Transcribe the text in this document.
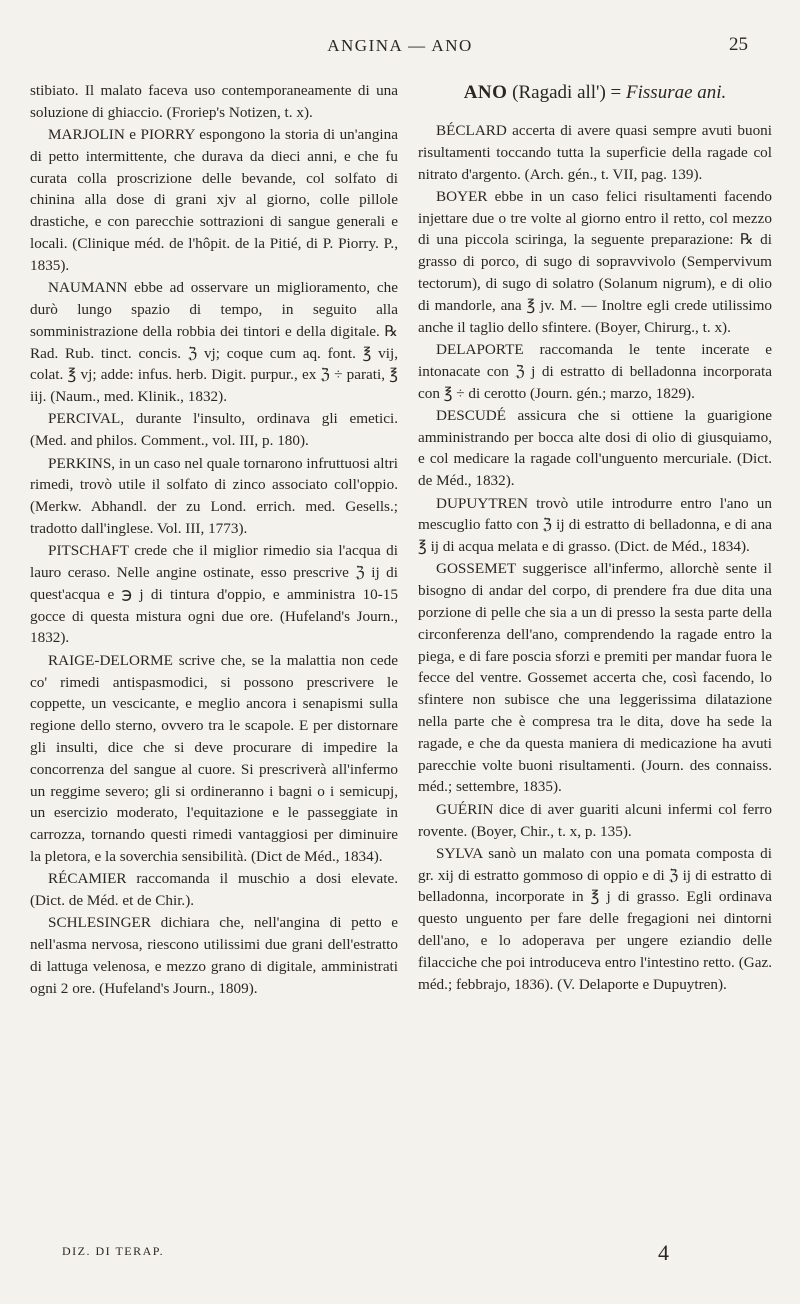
ANGINA — ANO	25

stibiato. Il malato faceva uso contemporaneamente di una soluzione di ghiaccio. (Froriep's Notizen, t. x).

MARJOLIN e PIORRY espongono la storia di un'angina di petto intermittente, che durava da dieci anni, e che fu curata colla proscrizione delle bevande, col solfato di chinina alla dose di grani xjv al giorno, colle pillole drastiche, e con parecchie sottrazioni di sangue generali e locali. (Clinique méd. de l'hôpit. de la Pitié, di P. Piorry. P., 1835).

NAUMANN ebbe ad osservare un miglioramento, che durò lungo spazio di tempo, in seguito alla somministrazione della robbia dei tintori e della digitale. ℞ Rad. Rub. tinct. concis. ℨ vj; coque cum aq. font. ℥ vij, colat. ℥ vj; adde: infus. herb. Digit. purpur., ex ℨ ÷ parati, ℥ iij. (Naum., med. Klinik., 1832).

PERCIVAL, durante l'insulto, ordinava gli emetici. (Med. and philos. Comment., vol. III, p. 180).

PERKINS, in un caso nel quale tornarono infruttuosi altri rimedi, trovò utile il solfato di zinco associato coll'oppio. (Merkw. Abhandl. der zu Lond. errich. med. Gesells.; tradotto dall'inglese. Vol. III, 1773).

PITSCHAFT crede che il miglior rimedio sia l'acqua di lauro ceraso. Nelle angine ostinate, esso prescrive ℨ ij di quest'acqua e ℈ j di tintura d'oppio, e amministra 10-15 gocce di questa mistura ogni due ore. (Hufeland's Journ., 1832).

RAIGE-DELORME scrive che, se la malattia non cede co' rimedi antispasmodici, si possono prescrivere le coppette, un vescicante, e meglio ancora i senapismi sulla regione dello sterno, ovvero tra le scapole. E per distornare gli insulti, dice che si deve procurare di impedire la concorrenza del sangue al cuore. Si prescriverà all'infermo un reggime severo; gli si ordineranno i bagni o i semicupj, un esercizio moderato, l'equitazione e le passeggiate in carrozza, tornando questi rimedi vantaggiosi per diminuire la pletora, e la soverchia sensibilità. (Dict de Méd., 1834).

RÉCAMIER raccomanda il muschio a dosi elevate. (Dict. de Méd. et de Chir.).

SCHLESINGER dichiara che, nell'angina di petto e nell'asma nervosa, riescono utilissimi due grani dell'estratto di lattuga velenosa, e mezzo grano di digitale, amministrati ogni 2 ore. (Hufeland's Journ., 1809).

ANO (Ragadi all') = Fissurae ani.

BÉCLARD accerta di avere quasi sempre avuti buoni risultamenti toccando tutta la superficie della ragade col nitrato d'argento. (Arch. gén., t. VII, pag. 139).

BOYER ebbe in un caso felici risultamenti facendo injettare due o tre volte al giorno entro il retto, col mezzo di una piccola sciringa, la seguente preparazione: ℞ di grasso di porco, di sugo di sopravvivolo (Sempervivum tectorum), di sugo di solatro (Solanum nigrum), e di olio di mandorle, ana ℥ jv. M. — Inoltre egli crede utilissimo anche il taglio dello sfintere. (Boyer, Chirurg., t. x).

DELAPORTE raccomanda le tente incerate e intonacate con ℨ j di estratto di belladonna incorporata con ℥ ÷ di cerotto (Journ. gén.; marzo, 1829).

DESCUDÉ assicura che si ottiene la guarigione amministrando per bocca alte dosi di olio di giusquiamo, e col medicare la ragade coll'unguento mercuriale. (Dict. de Méd., 1832).

DUPUYTREN trovò utile introdurre entro l'ano un mescuglio fatto con ℨ ij di estratto di belladonna, e di ana ℥ ij di acqua melata e di grasso. (Dict. de Méd., 1834).

GOSSEMET suggerisce all'infermo, allorchè sente il bisogno di andar del corpo, di prendere fra due dita una porzione di pelle che sia a un di presso la sesta parte della circonferenza dell'ano, comprendendo la ragade entro la piega, e di fare poscia sforzi e premiti per mandar fuora le fecce del ventre. Gossemet accerta che, così facendo, lo sfintere non subisce che una leggerissima dilatazione nella parte che è compresa tra le dita, dove ha sede la ragade, e che da questa maniera di medicazione ha avuti parecchie volte buoni risultamenti. (Journ. des connaiss. méd.; settembre, 1835).

GUÉRIN dice di aver guariti alcuni infermi col ferro rovente. (Boyer, Chir., t. x, p. 135).

SYLVA sanò un malato con una pomata composta di gr. xij di estratto gommoso di oppio e di ℨ ij di estratto di belladonna, incorporate in ℥ j di grasso. Egli ordinava questo unguento per fare delle fregagioni nei dintorni dell'ano, e lo adoperava per ungere eziandio delle filacciche che poi introduceva entro l'intestino retto. (Gaz. méd.; febbrajo, 1836). (V. Delaporte e Dupuytren).

DIZ. DI TERAP.	4
